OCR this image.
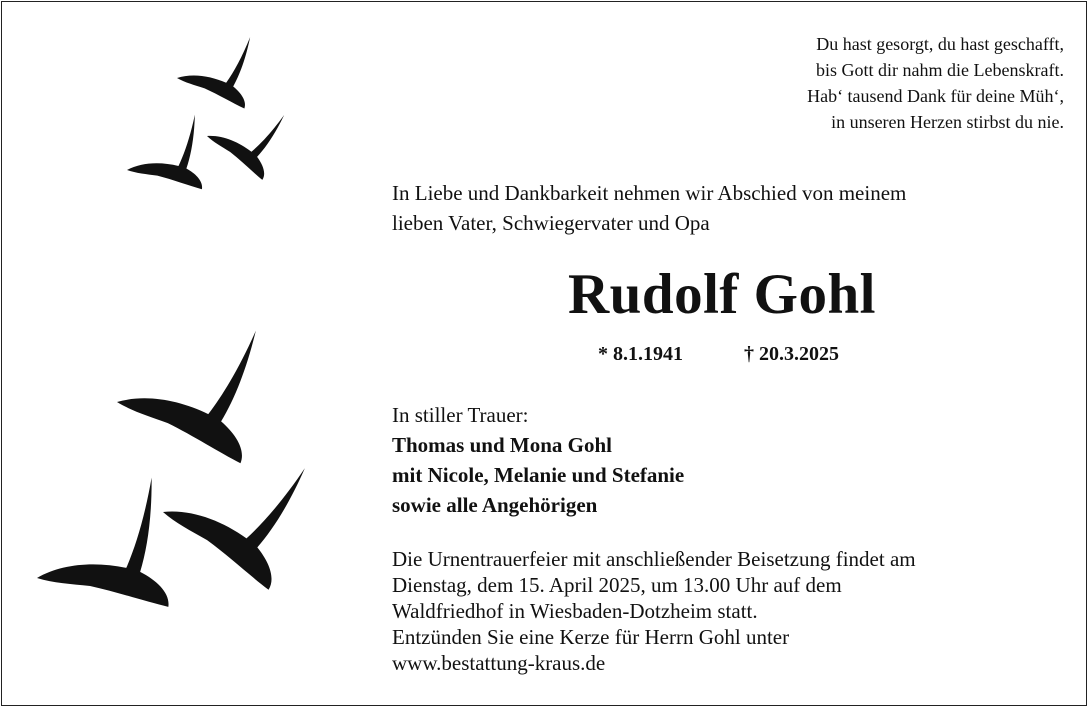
Du hast gesorgt, du hast geschafft,
bis Gott dir nahm die Lebenskraft.
Hab‘ tausend Dank für deine Müh‘,
in unseren Herzen stirbst du nie.
In Liebe und Dankbarkeit nehmen wir Abschied von meinem
lieben Vater, Schwiegervater und Opa
Rudolf Gohl
* 8.1.1941	† 20.3.2025
In stiller Trauer:
Thomas und Mona Gohl
mit Nicole, Melanie und Stefanie
sowie alle Angehörigen
Die Urnentrauerfeier mit anschließender Beisetzung findet am
Dienstag, dem 15. April 2025, um 13.00 Uhr auf dem
Waldfriedhof in Wiesbaden-Dotzheim statt.
Entzünden Sie eine Kerze für Herrn Gohl unter
www.bestattung-kraus.de
